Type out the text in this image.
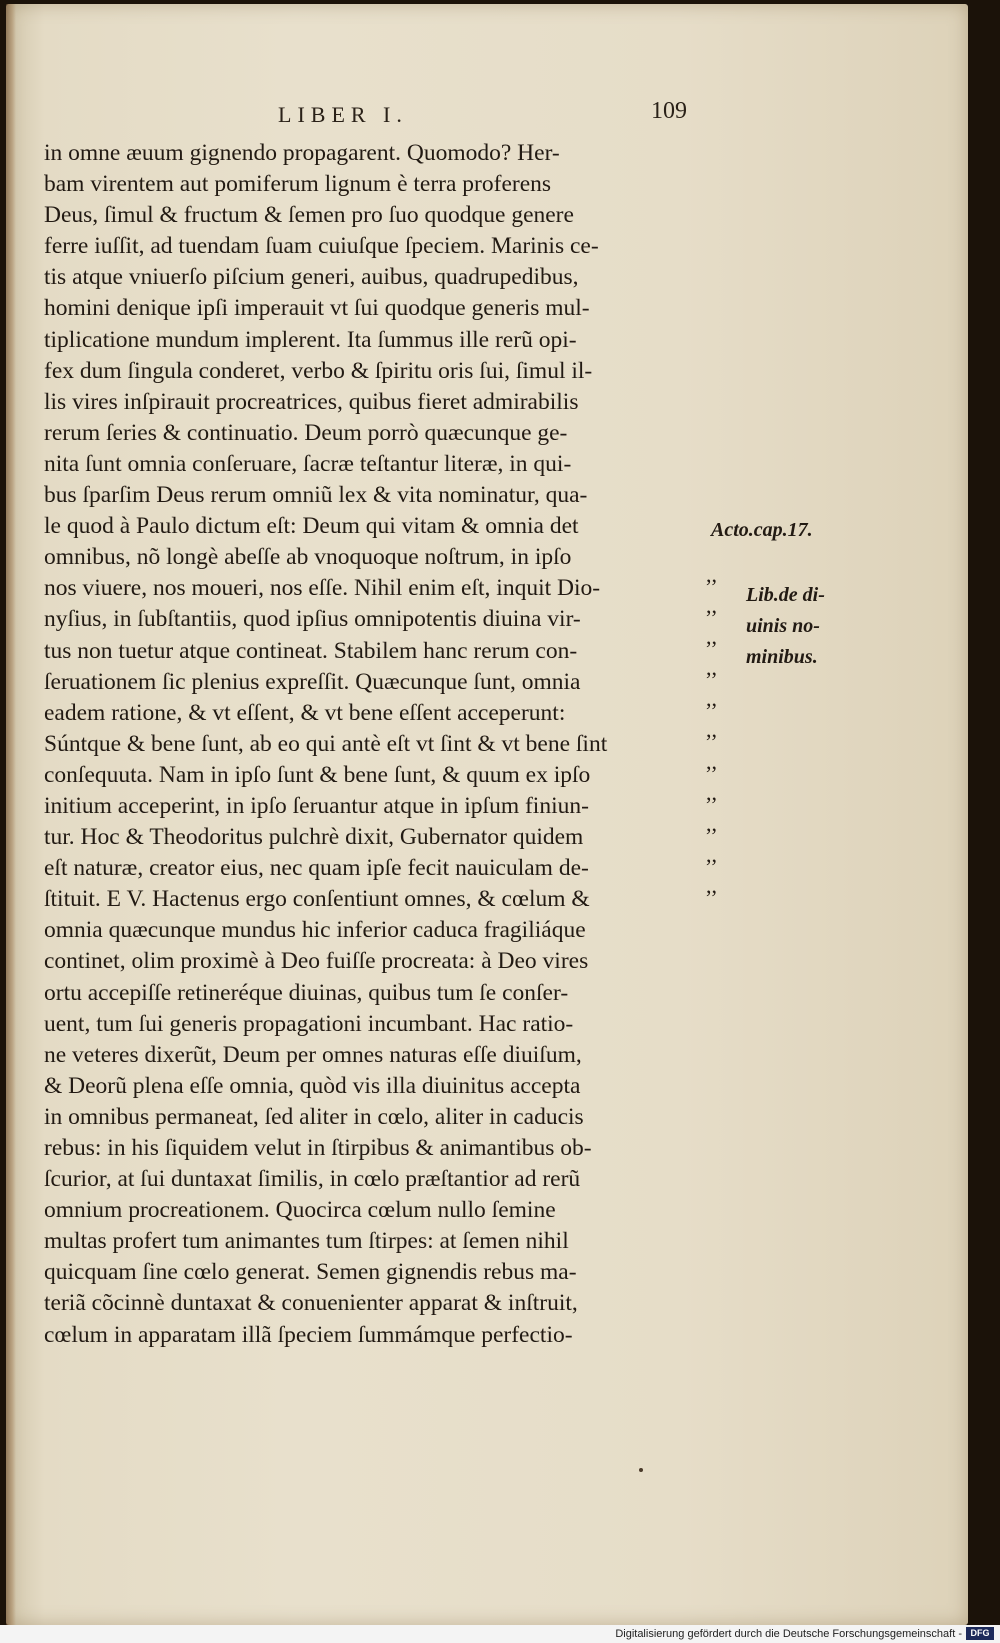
LIBER I.	109
in omne æuum gignendo propagarent. Quomodo? Her-
bam virentem aut pomiferum lignum è terra proferens
Deus, ſimul & fructum & ſemen pro ſuo quodque genere
ferre iuſſit, ad tuendam ſuam cuiuſque ſpeciem. Marinis ce-
tis atque vniuerſo piſcium generi, auibus, quadrupedibus,
homini denique ipſi imperauit vt ſui quodque generis mul-
tiplicatione mundum implerent. Ita ſummus ille rerũ opi-
fex dum ſingula conderet, verbo & ſpiritu oris ſui, ſimul il-
lis vires inſpirauit procreatrices, quibus fieret admirabilis
rerum ſeries & continuatio. Deum porrò quæcunque ge-
nita ſunt omnia conſeruare, ſacræ teſtantur literæ, in qui-
bus ſparſim Deus rerum omniũ lex & vita nominatur, qua-
le quod à Paulo dictum eſt: Deum qui vitam & omnia det
omnibus, nõ longè abeſſe ab vnoquoque noſtrum, in ipſo
nos viuere, nos moueri, nos eſſe. Nihil enim eſt, inquit Dio-
nyſius, in ſubſtantiis, quod ipſius omnipotentis diuina vir-
tus non tuetur atque contineat. Stabilem hanc rerum con-
ſeruationem ſic plenius expreſſit. Quæcunque ſunt, omnia
eadem ratione, & vt eſſent, & vt bene eſſent acceperunt:
Súntque & bene ſunt, ab eo qui antè eſt vt ſint & vt bene ſint
conſequuta. Nam in ipſo ſunt & bene ſunt, & quum ex ipſo
initium acceperint, in ipſo ſeruantur atque in ipſum finiun-
tur. Hoc & Theodoritus pulchrè dixit, Gubernator quidem
eſt naturæ, creator eius, nec quam ipſe fecit nauiculam de-
ſtituit. E V. Hactenus ergo conſentiunt omnes, & cœlum &
omnia quæcunque mundus hic inferior caduca fragiliáque
continet, olim proximè à Deo fuiſſe procreata: à Deo vires
ortu accepiſſe retineréque diuinas, quibus tum ſe conſer-
uent, tum ſui generis propagationi incumbant. Hac ratio-
ne veteres dixerũt, Deum per omnes naturas eſſe diuiſum,
& Deorũ plena eſſe omnia, quòd vis illa diuinitus accepta
in omnibus permaneat, ſed aliter in cœlo, aliter in caducis
rebus: in his ſiquidem velut in ſtirpibus & animantibus ob-
ſcurior, at ſui duntaxat ſimilis, in cœlo præſtantior ad rerũ
omnium procreationem. Quocirca cœlum nullo ſemine
multas profert tum animantes tum ſtirpes: at ſemen nihil
quicquam ſine cœlo generat. Semen gignendis rebus ma-
teriã cõcinnè duntaxat & conuenienter apparat & inſtruit,
cœlum in apparatam illã ſpeciem ſummámque perfectio-
,,
,,
,,
,,
,,
,,
,,
,,
,,
,,
,,
Acto.cap.17.
Lib.de di-
uinis no-
minibus.
Digitalisierung gefördert durch die Deutsche Forschungsgemeinschaft - DFG
